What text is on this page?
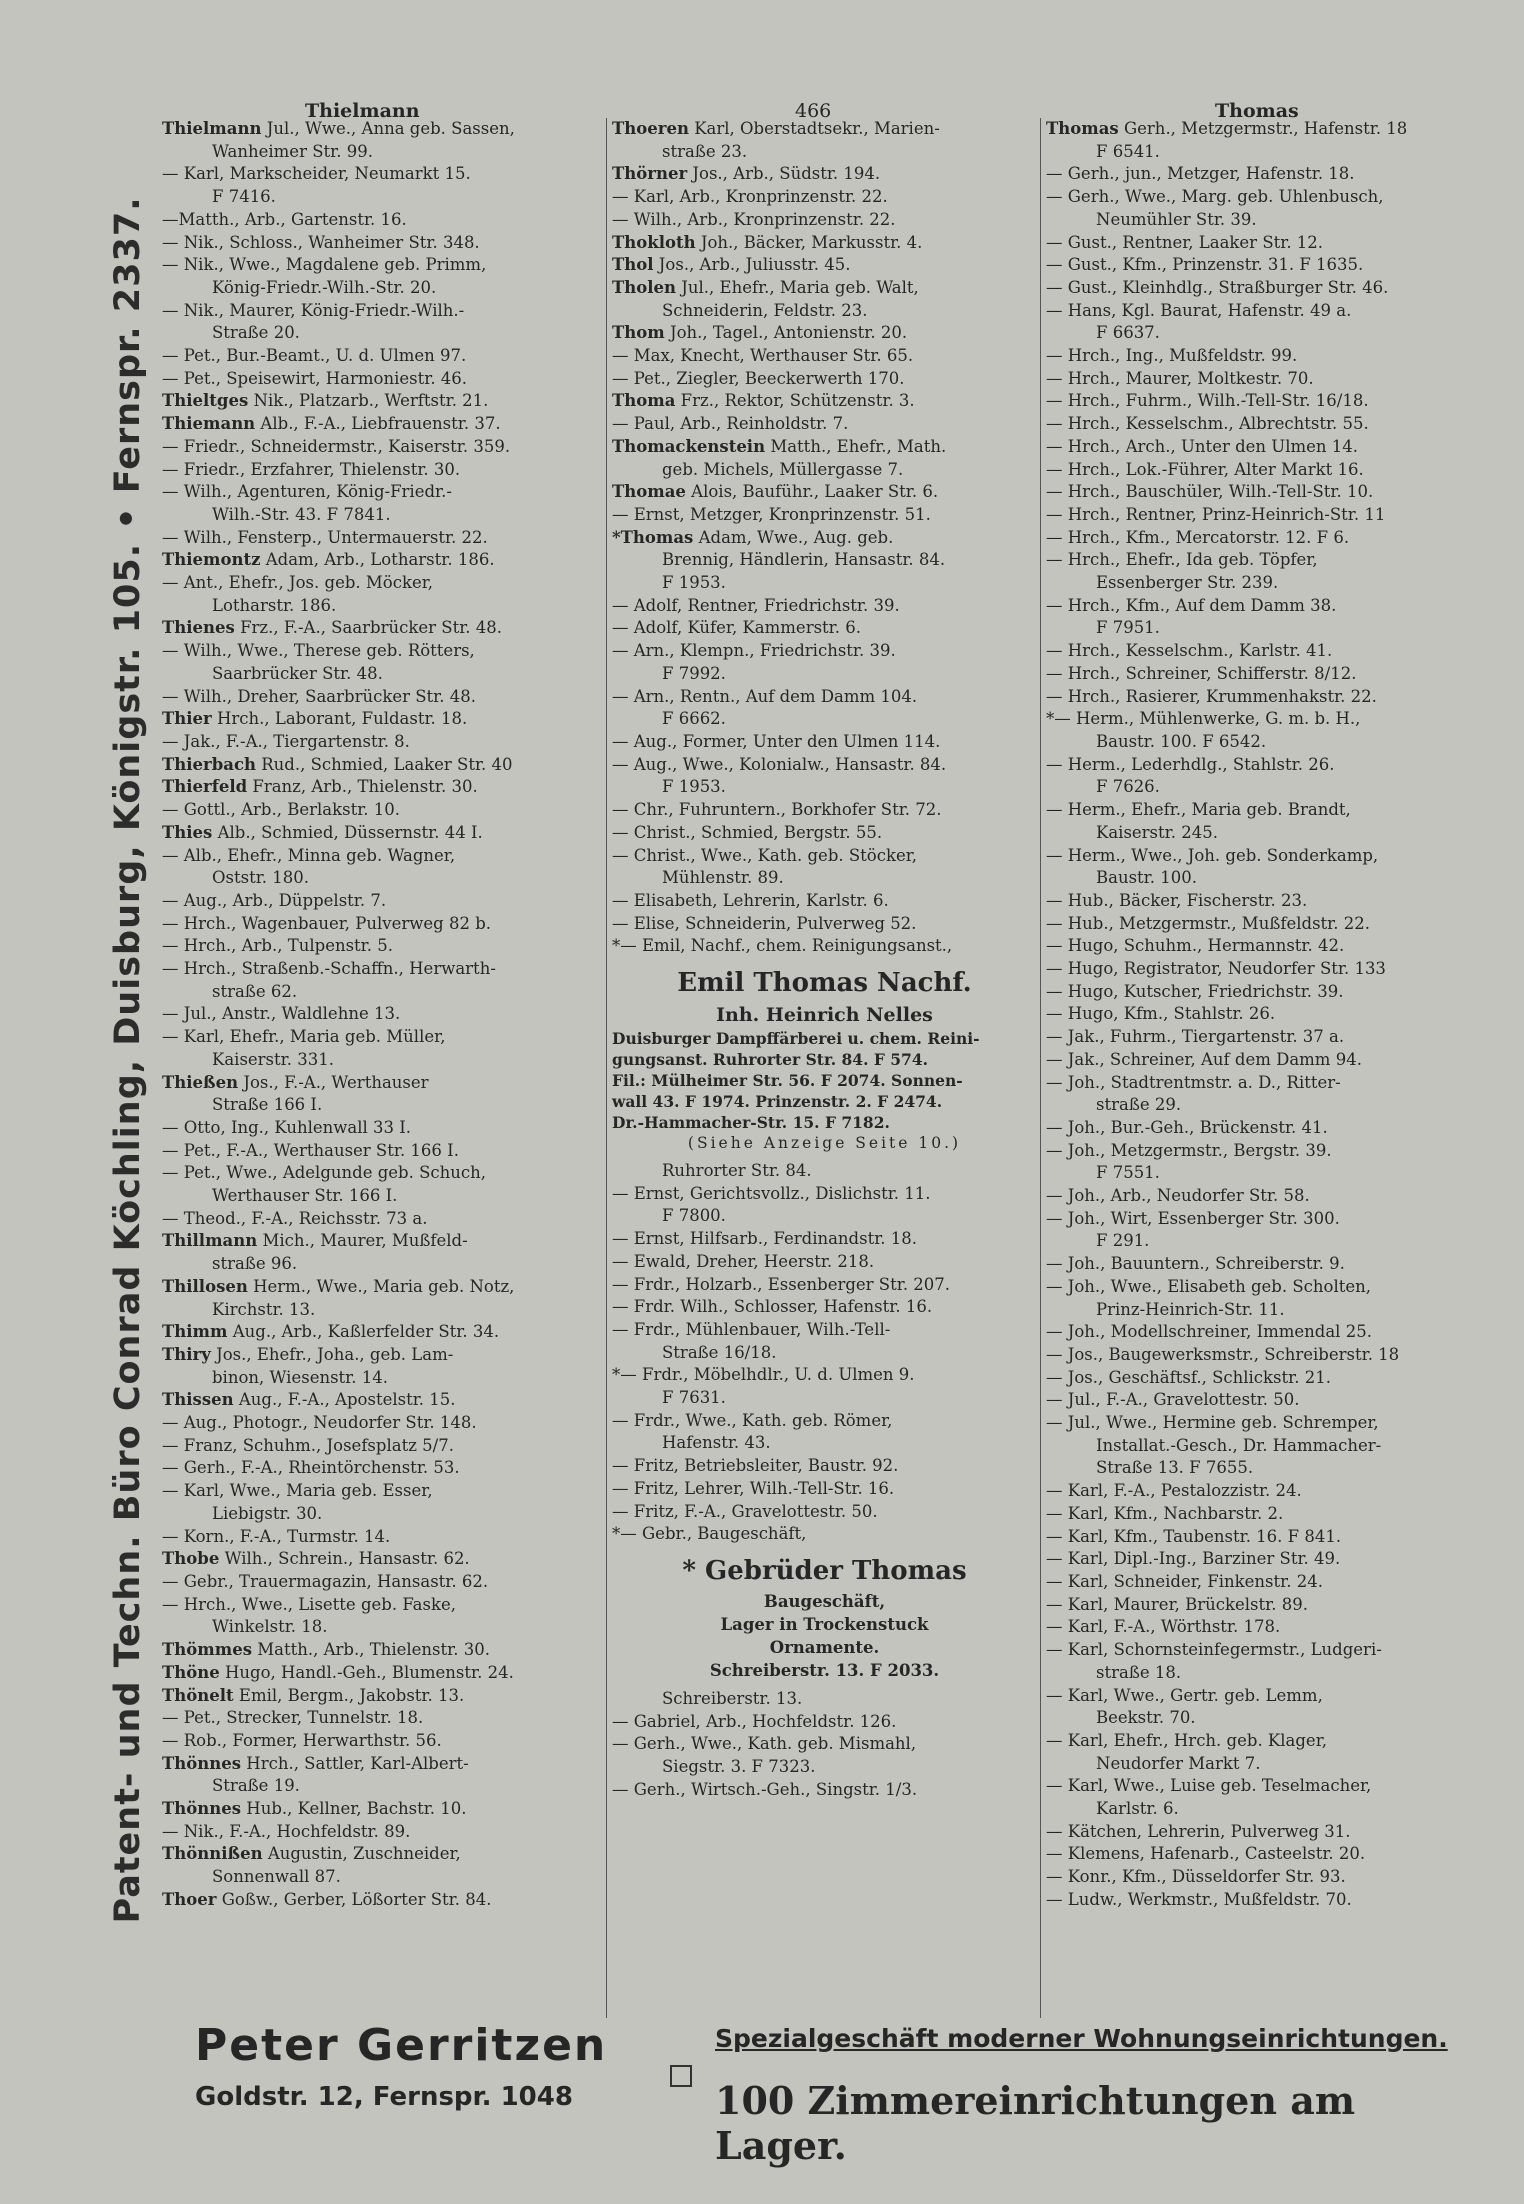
Patent- und Techn. Büro Conrad Köchling, Duisburg, Königstr. 105. • Fernspr. 2337.
Thielmann	466	Thomas
Thielmann Jul., Wwe., Anna geb. Sassen,
Wanheimer Str. 99.
— Karl, Markscheider, Neumarkt 15.
F 7416.
—Matth., Arb., Gartenstr. 16.
— Nik., Schloss., Wanheimer Str. 348.
— Nik., Wwe., Magdalene geb. Primm,
König-Friedr.-Wilh.-Str. 20.
— Nik., Maurer, König-Friedr.-Wilh.-
Straße 20.
— Pet., Bur.-Beamt., U. d. Ulmen 97.
— Pet., Speisewirt, Harmoniestr. 46.
Thieltges Nik., Platzarb., Werftstr. 21.
Thiemann Alb., F.-A., Liebfrauenstr. 37.
— Friedr., Schneidermstr., Kaiserstr. 359.
— Friedr., Erzfahrer, Thielenstr. 30.
— Wilh., Agenturen, König-Friedr.-
Wilh.-Str. 43. F 7841.
— Wilh., Fensterp., Untermauerstr. 22.
Thiemontz Adam, Arb., Lotharstr. 186.
— Ant., Ehefr., Jos. geb. Möcker,
Lotharstr. 186.
Thienes Frz., F.-A., Saarbrücker Str. 48.
— Wilh., Wwe., Therese geb. Rötters,
Saarbrücker Str. 48.
— Wilh., Dreher, Saarbrücker Str. 48.
Thier Hrch., Laborant, Fuldastr. 18.
— Jak., F.-A., Tiergartenstr. 8.
Thierbach Rud., Schmied, Laaker Str. 40
Thierfeld Franz, Arb., Thielenstr. 30.
— Gottl., Arb., Berlakstr. 10.
Thies Alb., Schmied, Düssernstr. 44 I.
— Alb., Ehefr., Minna geb. Wagner,
Oststr. 180.
— Aug., Arb., Düppelstr. 7.
— Hrch., Wagenbauer, Pulverweg 82 b.
— Hrch., Arb., Tulpenstr. 5.
— Hrch., Straßenb.-Schaffn., Herwarth-
straße 62.
— Jul., Anstr., Waldlehne 13.
— Karl, Ehefr., Maria geb. Müller,
Kaiserstr. 331.
Thießen Jos., F.-A., Werthauser
Straße 166 I.
— Otto, Ing., Kuhlenwall 33 I.
— Pet., F.-A., Werthauser Str. 166 I.
— Pet., Wwe., Adelgunde geb. Schuch,
Werthauser Str. 166 I.
— Theod., F.-A., Reichsstr. 73 a.
Thillmann Mich., Maurer, Mußfeld-
straße 96.
Thillosen Herm., Wwe., Maria geb. Notz,
Kirchstr. 13.
Thimm Aug., Arb., Kaßlerfelder Str. 34.
Thiry Jos., Ehefr., Joha., geb. Lam-
binon, Wiesenstr. 14.
Thissen Aug., F.-A., Apostelstr. 15.
— Aug., Photogr., Neudorfer Str. 148.
— Franz, Schuhm., Josefsplatz 5/7.
— Gerh., F.-A., Rheintörchenstr. 53.
— Karl, Wwe., Maria geb. Esser,
Liebigstr. 30.
— Korn., F.-A., Turmstr. 14.
Thobe Wilh., Schrein., Hansastr. 62.
— Gebr., Trauermagazin, Hansastr. 62.
— Hrch., Wwe., Lisette geb. Faske,
Winkelstr. 18.
Thömmes Matth., Arb., Thielenstr. 30.
Thöne Hugo, Handl.-Geh., Blumenstr. 24.
Thönelt Emil, Bergm., Jakobstr. 13.
— Pet., Strecker, Tunnelstr. 18.
— Rob., Former, Herwarthstr. 56.
Thönnes Hrch., Sattler, Karl-Albert-
Straße 19.
Thönnes Hub., Kellner, Bachstr. 10.
— Nik., F.-A., Hochfeldstr. 89.
Thönnißen Augustin, Zuschneider,
Sonnenwall 87.
Thoer Goßw., Gerber, Lößorter Str. 84.
Thoeren Karl, Oberstadtsekr., Marien-
straße 23.
Thörner Jos., Arb., Südstr. 194.
— Karl, Arb., Kronprinzenstr. 22.
— Wilh., Arb., Kronprinzenstr. 22.
Thokloth Joh., Bäcker, Markusstr. 4.
Thol Jos., Arb., Juliusstr. 45.
Tholen Jul., Ehefr., Maria geb. Walt,
Schneiderin, Feldstr. 23.
Thom Joh., Tagel., Antonienstr. 20.
— Max, Knecht, Werthauser Str. 65.
— Pet., Ziegler, Beeckerwerth 170.
Thoma Frz., Rektor, Schützenstr. 3.
— Paul, Arb., Reinholdstr. 7.
Thomackenstein Matth., Ehefr., Math.
geb. Michels, Müllergasse 7.
Thomae Alois, Bauführ., Laaker Str. 6.
— Ernst, Metzger, Kronprinzenstr. 51.
*Thomas Adam, Wwe., Aug. geb.
Brennig, Händlerin, Hansastr. 84.
F 1953.
— Adolf, Rentner, Friedrichstr. 39.
— Adolf, Küfer, Kammerstr. 6.
— Arn., Klempn., Friedrichstr. 39.
F 7992.
— Arn., Rentn., Auf dem Damm 104.
F 6662.
— Aug., Former, Unter den Ulmen 114.
— Aug., Wwe., Kolonialw., Hansastr. 84.
F 1953.
— Chr., Fuhruntern., Borkhofer Str. 72.
— Christ., Schmied, Bergstr. 55.
— Christ., Wwe., Kath. geb. Stöcker,
Mühlenstr. 89.
— Elisabeth, Lehrerin, Karlstr. 6.
— Elise, Schneiderin, Pulverweg 52.
*— Emil, Nachf., chem. Reinigungsanst.,
Emil Thomas Nachf.
Inh. Heinrich Nelles
Duisburger Dampffärberei u. chem. Reini-
gungsanst. Ruhrorter Str. 84. F 574.
Fil.: Mülheimer Str. 56. F 2074. Sonnen-
wall 43. F 1974. Prinzenstr. 2. F 2474.
Dr.-Hammacher-Str. 15. F 7182.
(Siehe Anzeige Seite 10.)
Ruhrorter Str. 84.
— Ernst, Gerichtsvollz., Dislichstr. 11.
F 7800.
— Ernst, Hilfsarb., Ferdinandstr. 18.
— Ewald, Dreher, Heerstr. 218.
— Frdr., Holzarb., Essenberger Str. 207.
— Frdr. Wilh., Schlosser, Hafenstr. 16.
— Frdr., Mühlenbauer, Wilh.-Tell-
Straße 16/18.
*— Frdr., Möbelhdlr., U. d. Ulmen 9.
F 7631.
— Frdr., Wwe., Kath. geb. Römer,
Hafenstr. 43.
— Fritz, Betriebsleiter, Baustr. 92.
— Fritz, Lehrer, Wilh.-Tell-Str. 16.
— Fritz, F.-A., Gravelottestr. 50.
*— Gebr., Baugeschäft,
* Gebrüder Thomas
Baugeschäft,
Lager in Trockenstuck
Ornamente.
Schreiberstr. 13. F 2033.
Schreiberstr. 13.
— Gabriel, Arb., Hochfeldstr. 126.
— Gerh., Wwe., Kath. geb. Mismahl,
Siegstr. 3. F 7323.
— Gerh., Wirtsch.-Geh., Singstr. 1/3.
Thomas Gerh., Metzgermstr., Hafenstr. 18
F 6541.
— Gerh., jun., Metzger, Hafenstr. 18.
— Gerh., Wwe., Marg. geb. Uhlenbusch,
Neumühler Str. 39.
— Gust., Rentner, Laaker Str. 12.
— Gust., Kfm., Prinzenstr. 31. F 1635.
— Gust., Kleinhdlg., Straßburger Str. 46.
— Hans, Kgl. Baurat, Hafenstr. 49 a.
F 6637.
— Hrch., Ing., Mußfeldstr. 99.
— Hrch., Maurer, Moltkestr. 70.
— Hrch., Fuhrm., Wilh.-Tell-Str. 16/18.
— Hrch., Kesselschm., Albrechtstr. 55.
— Hrch., Arch., Unter den Ulmen 14.
— Hrch., Lok.-Führer, Alter Markt 16.
— Hrch., Bauschüler, Wilh.-Tell-Str. 10.
— Hrch., Rentner, Prinz-Heinrich-Str. 11
— Hrch., Kfm., Mercatorstr. 12. F 6.
— Hrch., Ehefr., Ida geb. Töpfer,
Essenberger Str. 239.
— Hrch., Kfm., Auf dem Damm 38.
F 7951.
— Hrch., Kesselschm., Karlstr. 41.
— Hrch., Schreiner, Schifferstr. 8/12.
— Hrch., Rasierer, Krummenhakstr. 22.
*— Herm., Mühlenwerke, G. m. b. H.,
Baustr. 100. F 6542.
— Herm., Lederhdlg., Stahlstr. 26.
F 7626.
— Herm., Ehefr., Maria geb. Brandt,
Kaiserstr. 245.
— Herm., Wwe., Joh. geb. Sonderkamp,
Baustr. 100.
— Hub., Bäcker, Fischerstr. 23.
— Hub., Metzgermstr., Mußfeldstr. 22.
— Hugo, Schuhm., Hermannstr. 42.
— Hugo, Registrator, Neudorfer Str. 133
— Hugo, Kutscher, Friedrichstr. 39.
— Hugo, Kfm., Stahlstr. 26.
— Jak., Fuhrm., Tiergartenstr. 37 a.
— Jak., Schreiner, Auf dem Damm 94.
— Joh., Stadtrentmstr. a. D., Ritter-
straße 29.
— Joh., Bur.-Geh., Brückenstr. 41.
— Joh., Metzgermstr., Bergstr. 39.
F 7551.
— Joh., Arb., Neudorfer Str. 58.
— Joh., Wirt, Essenberger Str. 300.
F 291.
— Joh., Bauuntern., Schreiberstr. 9.
— Joh., Wwe., Elisabeth geb. Scholten,
Prinz-Heinrich-Str. 11.
— Joh., Modellschreiner, Immendal 25.
— Jos., Baugewerksmstr., Schreiberstr. 18
— Jos., Geschäftsf., Schlickstr. 21.
— Jul., F.-A., Gravelottestr. 50.
— Jul., Wwe., Hermine geb. Schremper,
Installat.-Gesch., Dr. Hammacher-
Straße 13. F 7655.
— Karl, F.-A., Pestalozzistr. 24.
— Karl, Kfm., Nachbarstr. 2.
— Karl, Kfm., Taubenstr. 16. F 841.
— Karl, Dipl.-Ing., Barziner Str. 49.
— Karl, Schneider, Finkenstr. 24.
— Karl, Maurer, Brückelstr. 89.
— Karl, F.-A., Wörthstr. 178.
— Karl, Schornsteinfegermstr., Ludgeri-
straße 18.
— Karl, Wwe., Gertr. geb. Lemm,
Beekstr. 70.
— Karl, Ehefr., Hrch. geb. Klager,
Neudorfer Markt 7.
— Karl, Wwe., Luise geb. Teselmacher,
Karlstr. 6.
— Kätchen, Lehrerin, Pulverweg 31.
— Klemens, Hafenarb., Casteelstr. 20.
— Konr., Kfm., Düsseldorfer Str. 93.
— Ludw., Werkmstr., Mußfeldstr. 70.
Peter Gerritzen
Goldstr. 12, Fernspr. 1048
Spezialgeschäft moderner Wohnungseinrichtungen.
100 Zimmereinrichtungen am Lager.
